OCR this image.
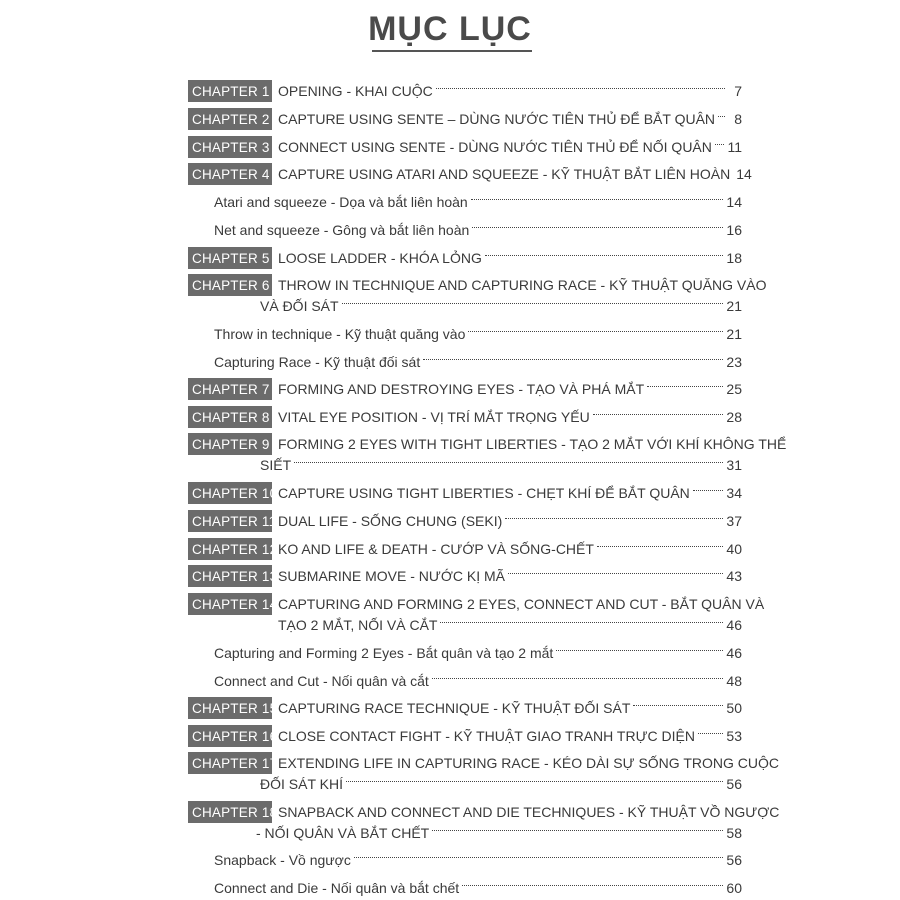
MỤC LỤC
CHAPTER 1 OPENING - KHAI CUỘC	7
CHAPTER 2 CAPTURE USING SENTE – DÙNG NƯỚC TIÊN THỦ ĐỂ BẮT QUÂN	8
CHAPTER 3 CONNECT USING SENTE - DÙNG NƯỚC TIÊN THỦ ĐỂ NỐI QUÂN 11
CHAPTER 4 CAPTURE USING ATARI AND SQUEEZE - KỸ THUẬT BẮT LIÊN HOÀN 14
Atari and squeeze - Dọa và bắt liên hoàn	14
Net and squeeze - Gông và bắt liên hoàn	16
CHAPTER 5 LOOSE LADDER - KHÓA LỎNG	18
CHAPTER 6 THROW IN TECHNIQUE AND CAPTURING RACE - KỸ THUẬT QUĂNG VÀO
VÀ ĐỐI SÁT	21
Throw in technique - Kỹ thuật quăng vào	21
Capturing Race - Kỹ thuật đối sát	23
CHAPTER 7 FORMING AND DESTROYING EYES - TẠO VÀ PHÁ MẮT	25
CHAPTER 8 VITAL EYE POSITION - VỊ TRÍ MẮT TRỌNG YẾU	28
CHAPTER 9 FORMING 2 EYES WITH TIGHT LIBERTIES - TẠO 2 MẮT VỚI KHÍ KHÔNG THỂ
SIẾT	31
CHAPTER 10 CAPTURE USING TIGHT LIBERTIES - CHẸT KHÍ ĐỂ BẮT QUÂN	34
CHAPTER 11 DUAL LIFE - SỐNG CHUNG (SEKI)	37
CHAPTER 12 KO AND LIFE & DEATH - CƯỚP VÀ SỐNG-CHẾT	40
CHAPTER 13 SUBMARINE MOVE - NƯỚC KỊ MÃ	43
CHAPTER 14 CAPTURING AND FORMING 2 EYES, CONNECT AND CUT - BẮT QUÂN VÀ
TẠO 2 MẮT, NỐI VÀ CẮT	46
Capturing and Forming 2 Eyes - Bắt quân và tạo 2 mắt	46
Connect and Cut - Nối quân và cắt	48
CHAPTER 15 CAPTURING RACE TECHNIQUE - KỸ THUẬT ĐỐI SÁT	50
CHAPTER 16 CLOSE CONTACT FIGHT - KỸ THUẬT GIAO TRANH TRỰC DIỆN 53
CHAPTER 17 EXTENDING LIFE IN CAPTURING RACE - KÉO DÀI SỰ SỐNG TRONG CUỘC
ĐỐI SÁT KHÍ	56
CHAPTER 18 SNAPBACK AND CONNECT AND DIE TECHNIQUES - KỸ THUẬT VỒ NGƯỢC
- NỐI QUÂN VÀ BẮT CHẾT	58
Snapback - Vồ ngược	56
Connect and Die - Nối quân và bắt chết	60
